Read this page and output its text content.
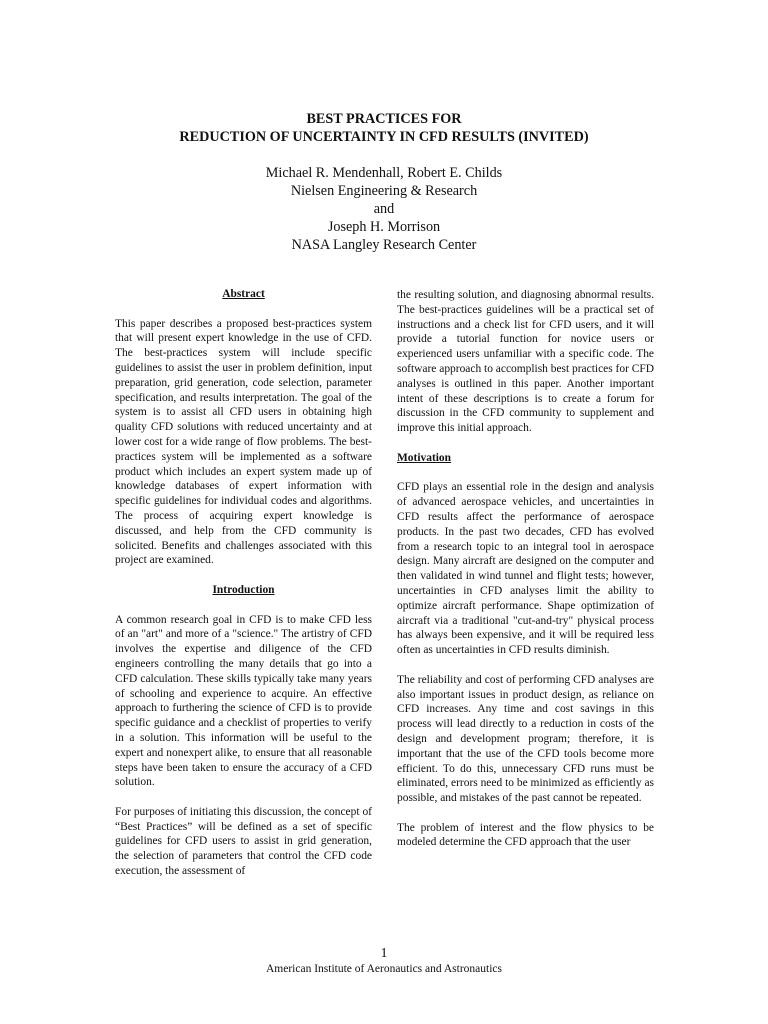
BEST PRACTICES FOR
REDUCTION OF UNCERTAINTY IN CFD RESULTS (INVITED)
Michael R. Mendenhall, Robert E. Childs
Nielsen Engineering & Research
and
Joseph H. Morrison
NASA Langley Research Center
Abstract

This paper describes a proposed best-practices system that will present expert knowledge in the use of CFD. The best-practices system will include specific guidelines to assist the user in problem definition, input preparation, grid generation, code selection, parameter specification, and results interpretation. The goal of the system is to assist all CFD users in obtaining high quality CFD solutions with reduced uncertainty and at lower cost for a wide range of flow problems. The best-practices system will be implemented as a software product which includes an expert system made up of knowledge databases of expert information with specific guidelines for individual codes and algorithms. The process of acquiring expert knowledge is discussed, and help from the CFD community is solicited. Benefits and challenges associated with this project are examined.

Introduction

A common research goal in CFD is to make CFD less of an "art" and more of a "science." The artistry of CFD involves the expertise and diligence of the CFD engineers controlling the many details that go into a CFD calculation. These skills typically take many years of schooling and experience to acquire. An effective approach to furthering the science of CFD is to provide specific guidance and a checklist of properties to verify in a solution. This information will be useful to the expert and nonexpert alike, to ensure that all reasonable steps have been taken to ensure the accuracy of a CFD solution.

For purposes of initiating this discussion, the concept of “Best Practices” will be defined as a set of specific guidelines for CFD users to assist in grid generation, the selection of parameters that control the CFD code execution, the assessment of

the resulting solution, and diagnosing abnormal results. The best-practices guidelines will be a practical set of instructions and a check list for CFD users, and it will provide a tutorial function for novice users or experienced users unfamiliar with a specific code. The software approach to accomplish best practices for CFD analyses is outlined in this paper. Another important intent of these descriptions is to create a forum for discussion in the CFD community to supplement and improve this initial approach.

Motivation

CFD plays an essential role in the design and analysis of advanced aerospace vehicles, and uncertainties in CFD results affect the performance of aerospace products. In the past two decades, CFD has evolved from a research topic to an integral tool in aerospace design. Many aircraft are designed on the computer and then validated in wind tunnel and flight tests; however, uncertainties in CFD analyses limit the ability to optimize aircraft performance. Shape optimization of aircraft via a traditional "cut-and-try" physical process has always been expensive, and it will be required less often as uncertainties in CFD results diminish.

The reliability and cost of performing CFD analyses are also important issues in product design, as reliance on CFD increases. Any time and cost savings in this process will lead directly to a reduction in costs of the design and development program; therefore, it is important that the use of the CFD tools become more efficient. To do this, unnecessary CFD runs must be eliminated, errors need to be minimized as efficiently as possible, and mistakes of the past cannot be repeated.

The problem of interest and the flow physics to be modeled determine the CFD approach that the user

1
American Institute of Aeronautics and Astronautics
